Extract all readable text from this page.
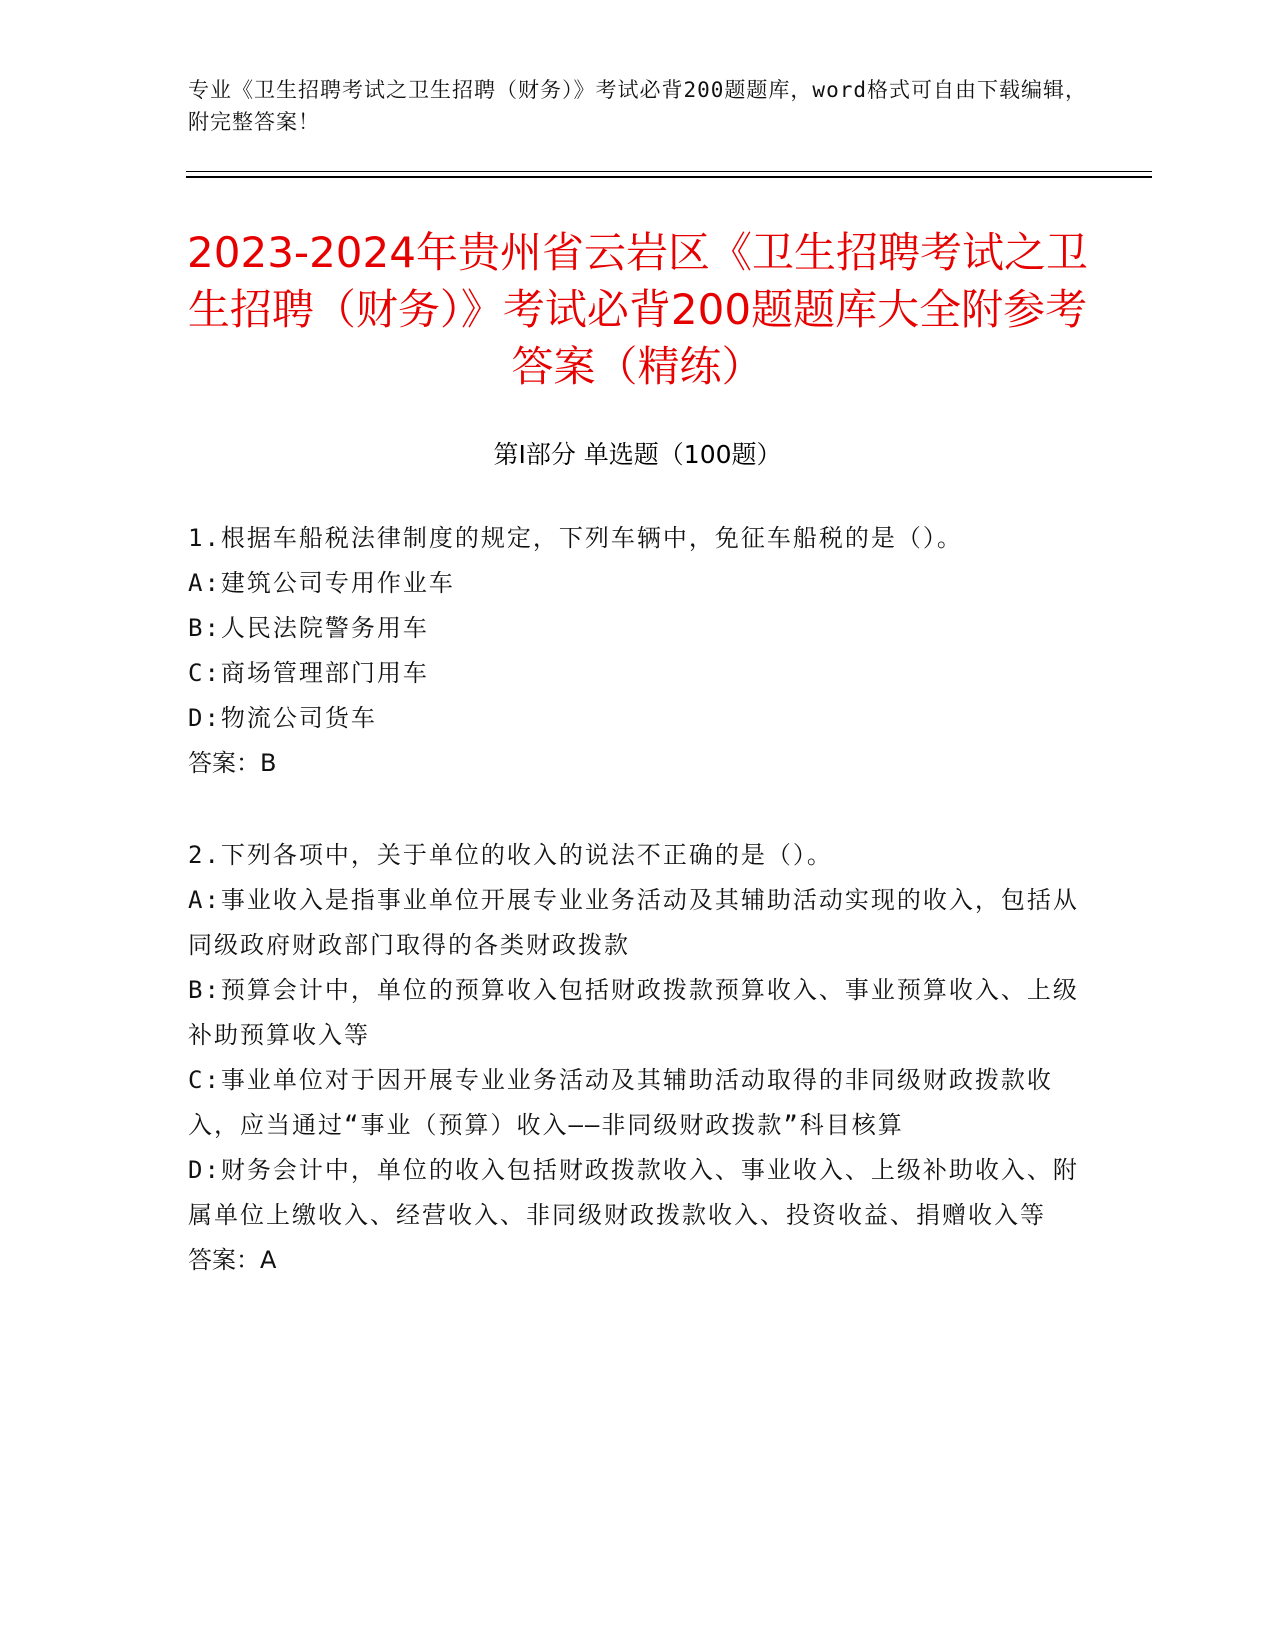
专业《卫生招聘考试之卫生招聘（财务）》考试必背200题题库，word格式可自由下载编辑，附完整答案！
2023-2024年贵州省云岩区《卫生招聘考试之卫生招聘（财务）》考试必背200题题库大全附参考答案（精练）
第Ⅰ部分 单选题（100题）

1.根据车船税法律制度的规定，下列车辆中，免征车船税的是（）。

A:建筑公司专用作业车

B:人民法院警务用车

C:商场管理部门用车

D:物流公司货车

答案：B

2.下列各项中，关于单位的收入的说法不正确的是（）。

A:事业收入是指事业单位开展专业业务活动及其辅助活动实现的收入，包括从同级政府财政部门取得的各类财政拨款

B:预算会计中，单位的预算收入包括财政拨款预算收入、事业预算收入、上级补助预算收入等

C:事业单位对于因开展专业业务活动及其辅助活动取得的非同级财政拨款收入，应当通过“事业（预算）收入——非同级财政拨款”科目核算

D:财务会计中，单位的收入包括财政拨款收入、事业收入、上级补助收入、附属单位上缴收入、经营收入、非同级财政拨款收入、投资收益、捐赠收入等

答案：A
